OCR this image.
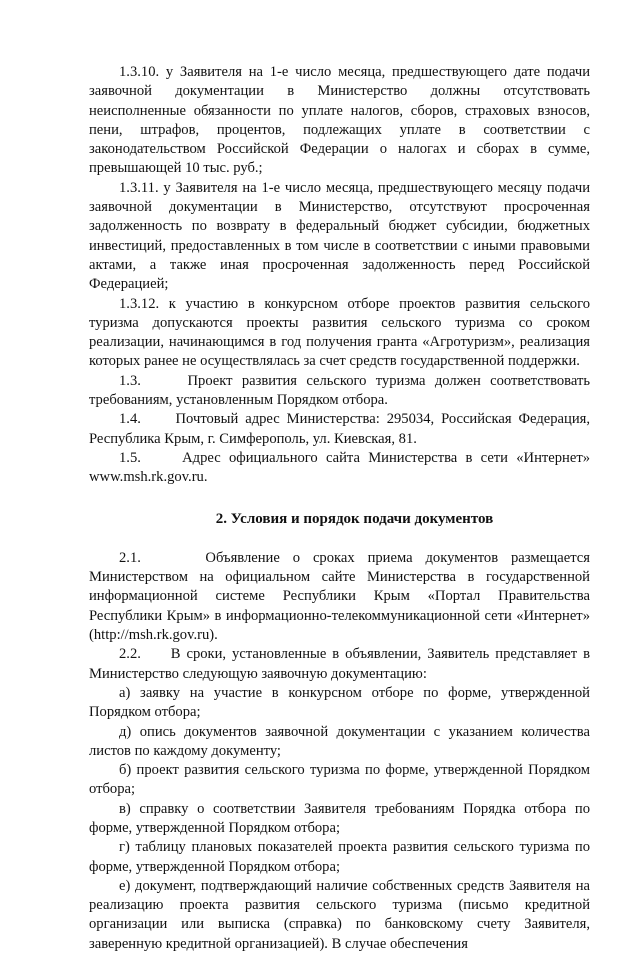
1.3.10. у Заявителя на 1-е число месяца, предшествующего дате подачи заявочной документации в Министерство должны отсутствовать неисполненные обязанности по уплате налогов, сборов, страховых взносов, пени, штрафов, процентов, подлежащих уплате в соответствии с законодательством Российской Федерации о налогах и сборах в сумме, превышающей 10 тыс. руб.;

1.3.11. у Заявителя на 1-е число месяца, предшествующего месяцу подачи заявочной документации в Министерство, отсутствуют просроченная задолженность по возврату в федеральный бюджет субсидии, бюджетных инвестиций, предоставленных в том числе в соответствии с иными правовыми актами, а также иная просроченная задолженность перед Российской Федерацией;

1.3.12. к участию в конкурсном отборе проектов развития сельского туризма допускаются проекты развития сельского туризма со сроком реализации, начинающимся в год получения гранта «Агротуризм», реализация которых ранее не осуществлялась за счет средств государственной поддержки.

1.3.     Проект развития сельского туризма должен соответствовать требованиям, установленным Порядком отбора.

1.4.     Почтовый адрес Министерства: 295034, Российская Федерация, Республика Крым, г. Симферополь, ул. Киевская, 81.

1.5.     Адрес официального сайта Министерства в сети «Интернет» www.msh.rk.gov.ru.

2. Условия и порядок подачи документов

2.1.     Объявление о сроках приема документов размещается Министерством на официальном сайте Министерства в государственной информационной системе Республики Крым «Портал Правительства Республики Крым» в информационно-телекоммуникационной сети «Интернет» (http://msh.rk.gov.ru).

2.2.     В сроки, установленные в объявлении, Заявитель представляет в Министерство следующую заявочную документацию:

а) заявку на участие в конкурсном отборе по форме, утвержденной Порядком отбора;

д) опись документов заявочной документации с указанием количества листов по каждому документу;

б) проект развития сельского туризма по форме, утвержденной Порядком отбора;

в) справку о соответствии Заявителя требованиям Порядка отбора по форме, утвержденной Порядком отбора;

г) таблицу плановых показателей проекта развития сельского туризма по форме, утвержденной Порядком отбора;

е) документ, подтверждающий наличие собственных средств Заявителя на реализацию проекта развития сельского туризма (письмо кредитной организации или выписка (справка) по банковскому счету Заявителя, заверенную кредитной организацией). В случае обеспечения
